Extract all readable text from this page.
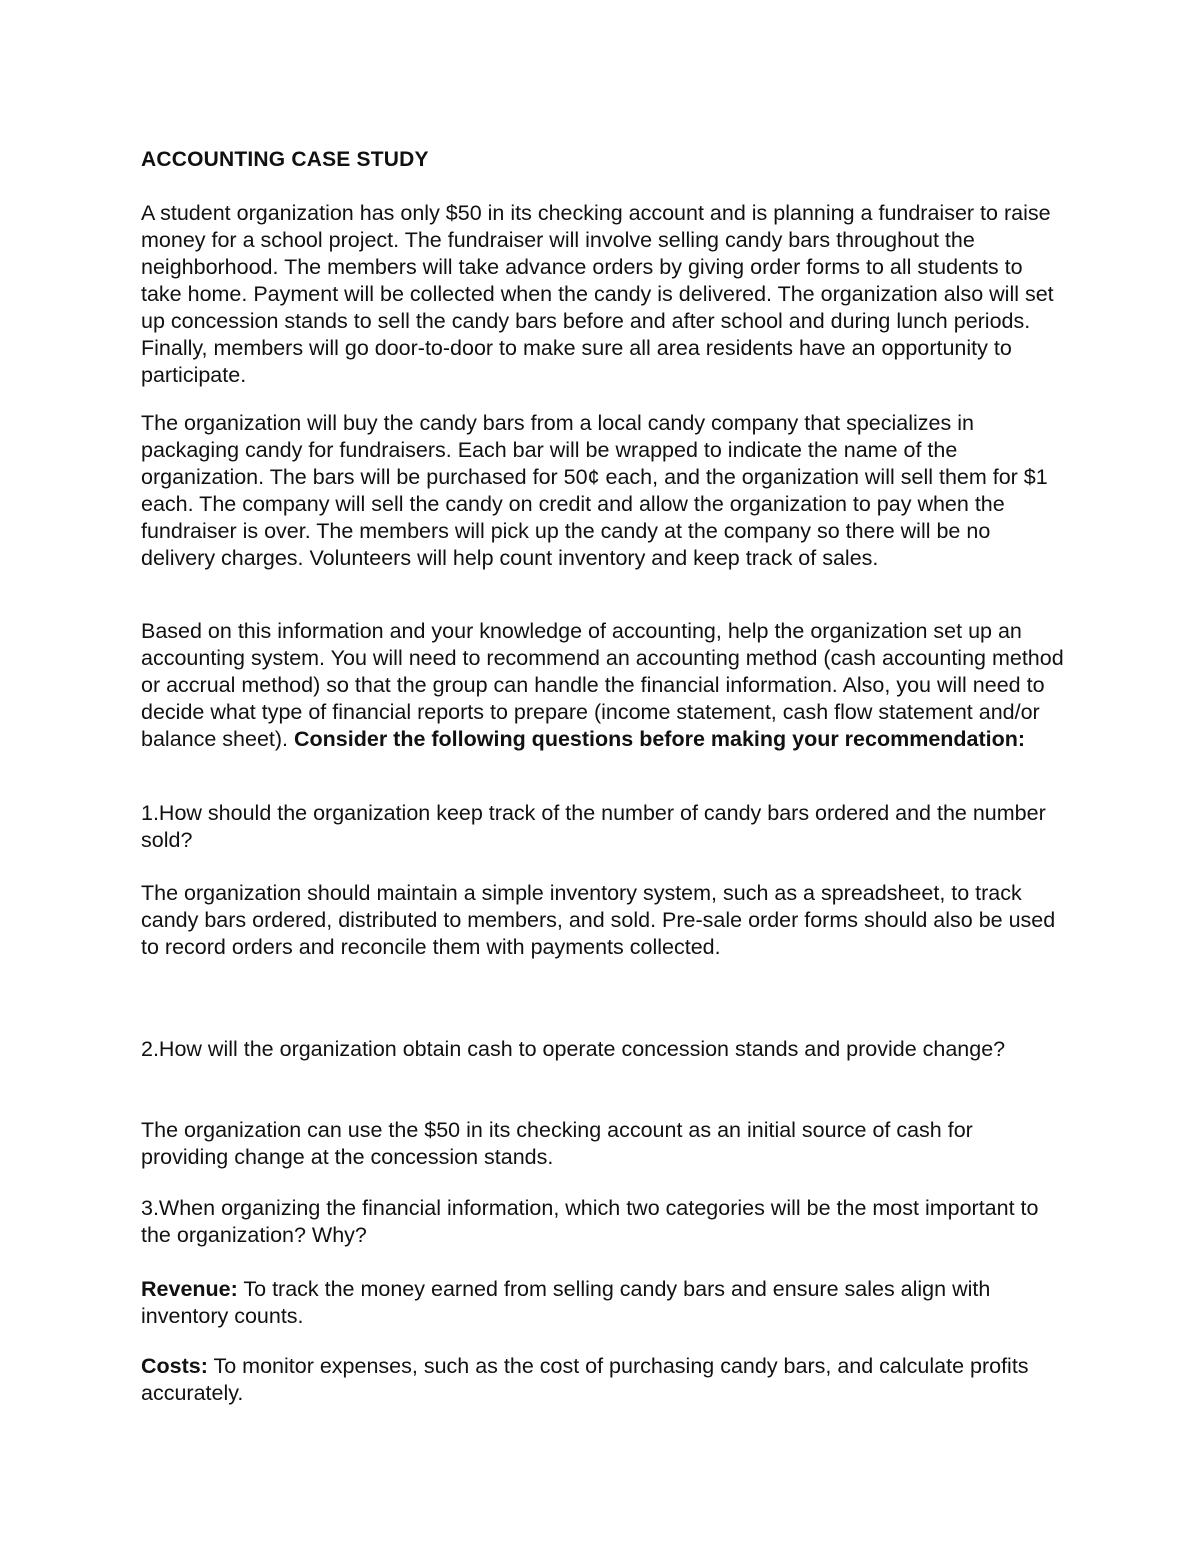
ACCOUNTING CASE STUDY

A student organization has only $50 in its checking account and is planning a fundraiser to raise money for a school project. The fundraiser will involve selling candy bars throughout the neighborhood. The members will take advance orders by giving order forms to all students to take home. Payment will be collected when the candy is delivered. The organization also will set up concession stands to sell the candy bars before and after school and during lunch periods. Finally, members will go door-to-door to make sure all area residents have an opportunity to participate.

The organization will buy the candy bars from a local candy company that specializes in packaging candy for fundraisers. Each bar will be wrapped to indicate the name of the organization. The bars will be purchased for 50¢ each, and the organization will sell them for $1 each. The company will sell the candy on credit and allow the organization to pay when the fundraiser is over. The members will pick up the candy at the company so there will be no delivery charges. Volunteers will help count inventory and keep track of sales.

Based on this information and your knowledge of accounting, help the organization set up an accounting system. You will need to recommend an accounting method (cash accounting method or accrual method) so that the group can handle the financial information. Also, you will need to decide what type of financial reports to prepare (income statement, cash flow statement and/or balance sheet). Consider the following questions before making your recommendation:

1.How should the organization keep track of the number of candy bars ordered and the number sold?

The organization should maintain a simple inventory system, such as a spreadsheet, to track candy bars ordered, distributed to members, and sold. Pre-sale order forms should also be used to record orders and reconcile them with payments collected.

2.How will the organization obtain cash to operate concession stands and provide change?

The organization can use the $50 in its checking account as an initial source of cash for providing change at the concession stands.

3.When organizing the financial information, which two categories will be the most important to the organization? Why?

Revenue: To track the money earned from selling candy bars and ensure sales align with inventory counts.

Costs: To monitor expenses, such as the cost of purchasing candy bars, and calculate profits accurately.
